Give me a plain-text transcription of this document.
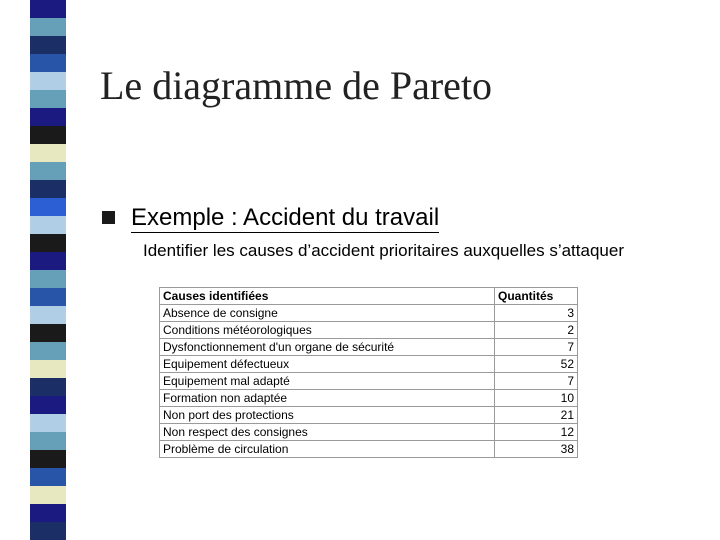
Le diagramme de Pareto
Exemple : Accident du travail
Identifier les causes d’accident prioritaires auxquelles s’attaquer
Causes identifiées	Quantités
Absence de consigne	3
Conditions météorologiques	2
Dysfonctionnement d'un organe de sécurité	7
Equipement défectueux	52
Equipement mal adapté	7
Formation non adaptée	10
Non port des protections	21
Non respect des consignes	12
Problème de circulation	38
